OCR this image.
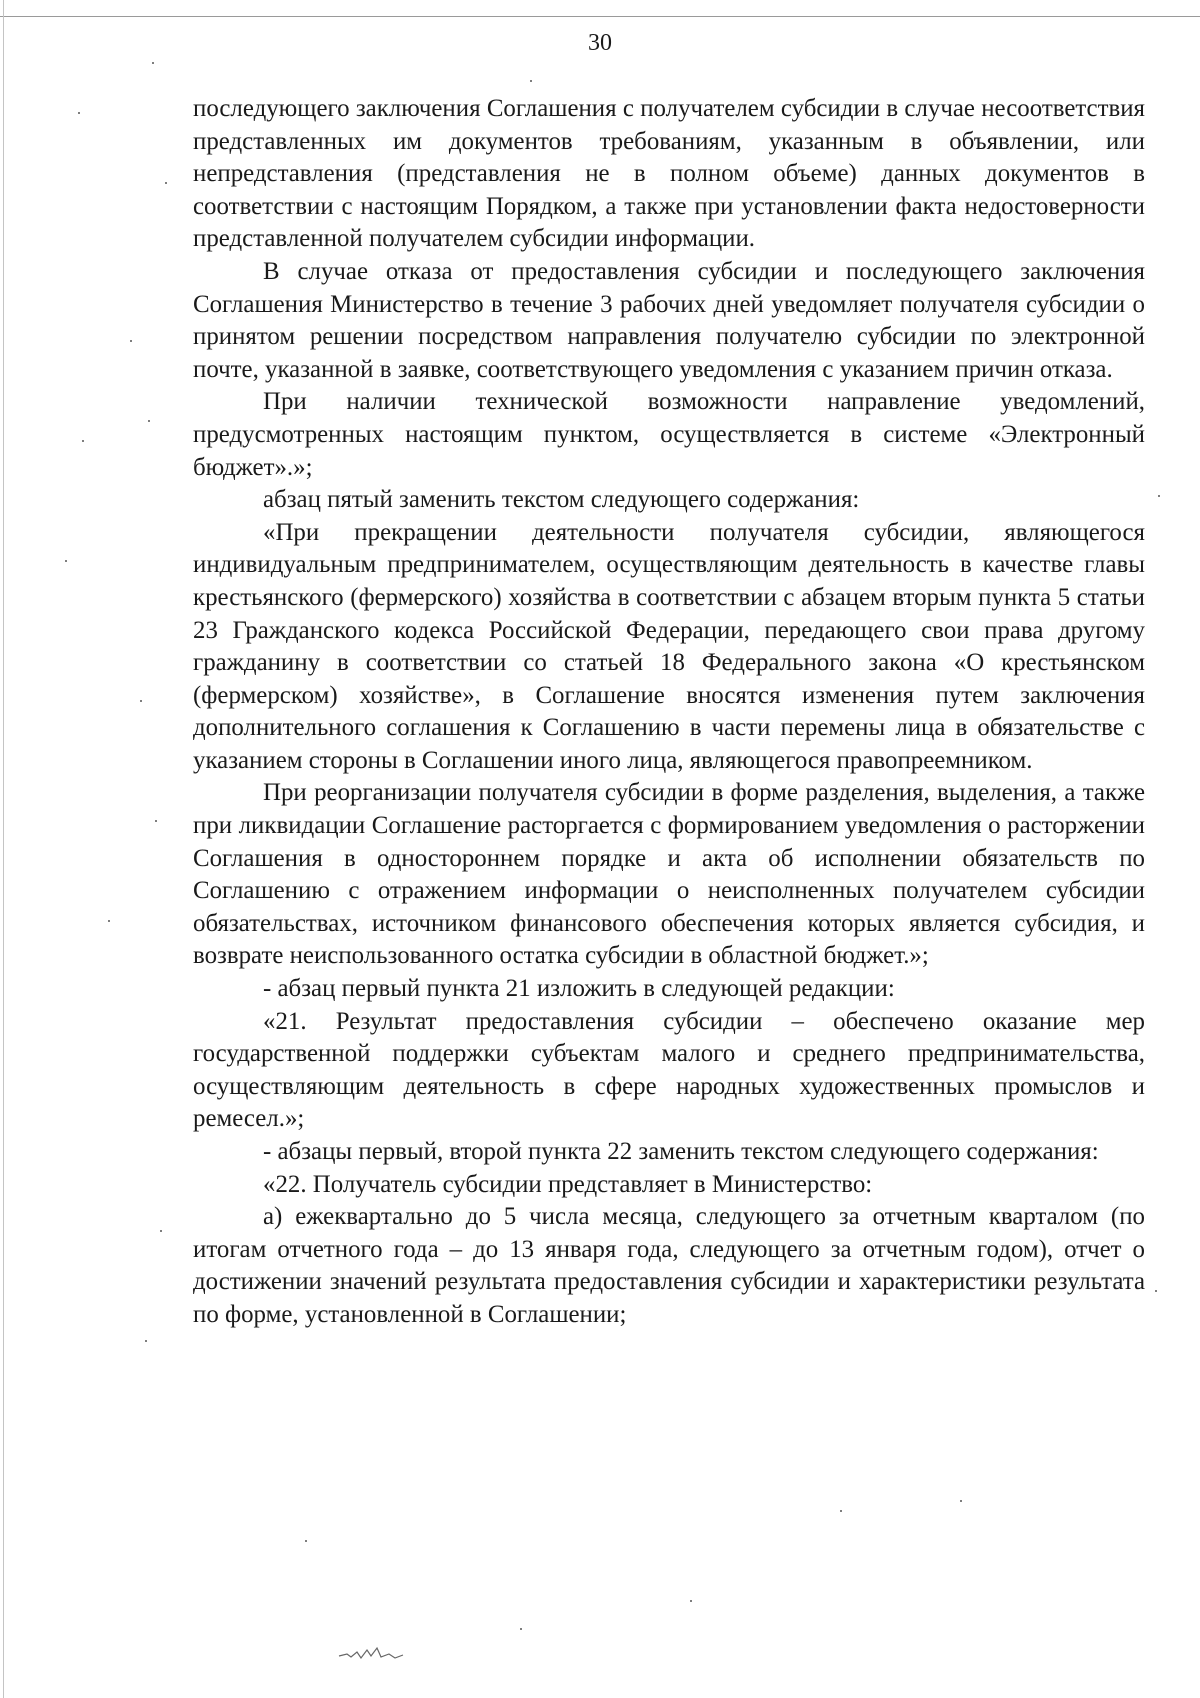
30

последующего заключения Соглашения с получателем субсидии в случае несоответствия представленных им документов требованиям, указанным в объявлении, или непредставления (представления не в полном объеме) данных документов в соответствии с настоящим Порядком, а также при установлении факта недостоверности представленной получателем субсидии информации.

В случае отказа от предоставления субсидии и последующего заключения Соглашения Министерство в течение 3 рабочих дней уведомляет получателя субсидии о принятом решении посредством направления получателю субсидии по электронной почте, указанной в заявке, соответствующего уведомления с указанием причин отказа.

При наличии технической возможности направление уведомлений, предусмотренных настоящим пунктом, осуществляется в системе «Электронный бюджет».»;

абзац пятый заменить текстом следующего содержания:

«При прекращении деятельности получателя субсидии, являющегося индивидуальным предпринимателем, осуществляющим деятельность в качестве главы крестьянского (фермерского) хозяйства в соответствии с абзацем вторым пункта 5 статьи 23 Гражданского кодекса Российской Федерации, передающего свои права другому гражданину в соответствии со статьей 18 Федерального закона «О крестьянском (фермерском) хозяйстве», в Соглашение вносятся изменения путем заключения дополнительного соглашения к Соглашению в части перемены лица в обязательстве с указанием стороны в Соглашении иного лица, являющегося правопреемником.

При реорганизации получателя субсидии в форме разделения, выделения, а также при ликвидации Соглашение расторгается с формированием уведомления о расторжении Соглашения в одностороннем порядке и акта об исполнении обязательств по Соглашению с отражением информации о неисполненных получателем субсидии обязательствах, источником финансового обеспечения которых является субсидия, и возврате неиспользованного остатка субсидии в областной бюджет.»;

- абзац первый пункта 21 изложить в следующей редакции:

«21. Результат предоставления субсидии – обеспечено оказание мер государственной поддержки субъектам малого и среднего предпринимательства, осуществляющим деятельность в сфере народных художественных промыслов и ремесел.»;

- абзацы первый, второй пункта 22 заменить текстом следующего содержания:

«22. Получатель субсидии представляет в Министерство:

а) ежеквартально до 5 числа месяца, следующего за отчетным кварталом (по итогам отчетного года – до 13 января года, следующего за отчетным годом), отчет о достижении значений результата предоставления субсидии и характеристики результата по форме, установленной в Соглашении;
